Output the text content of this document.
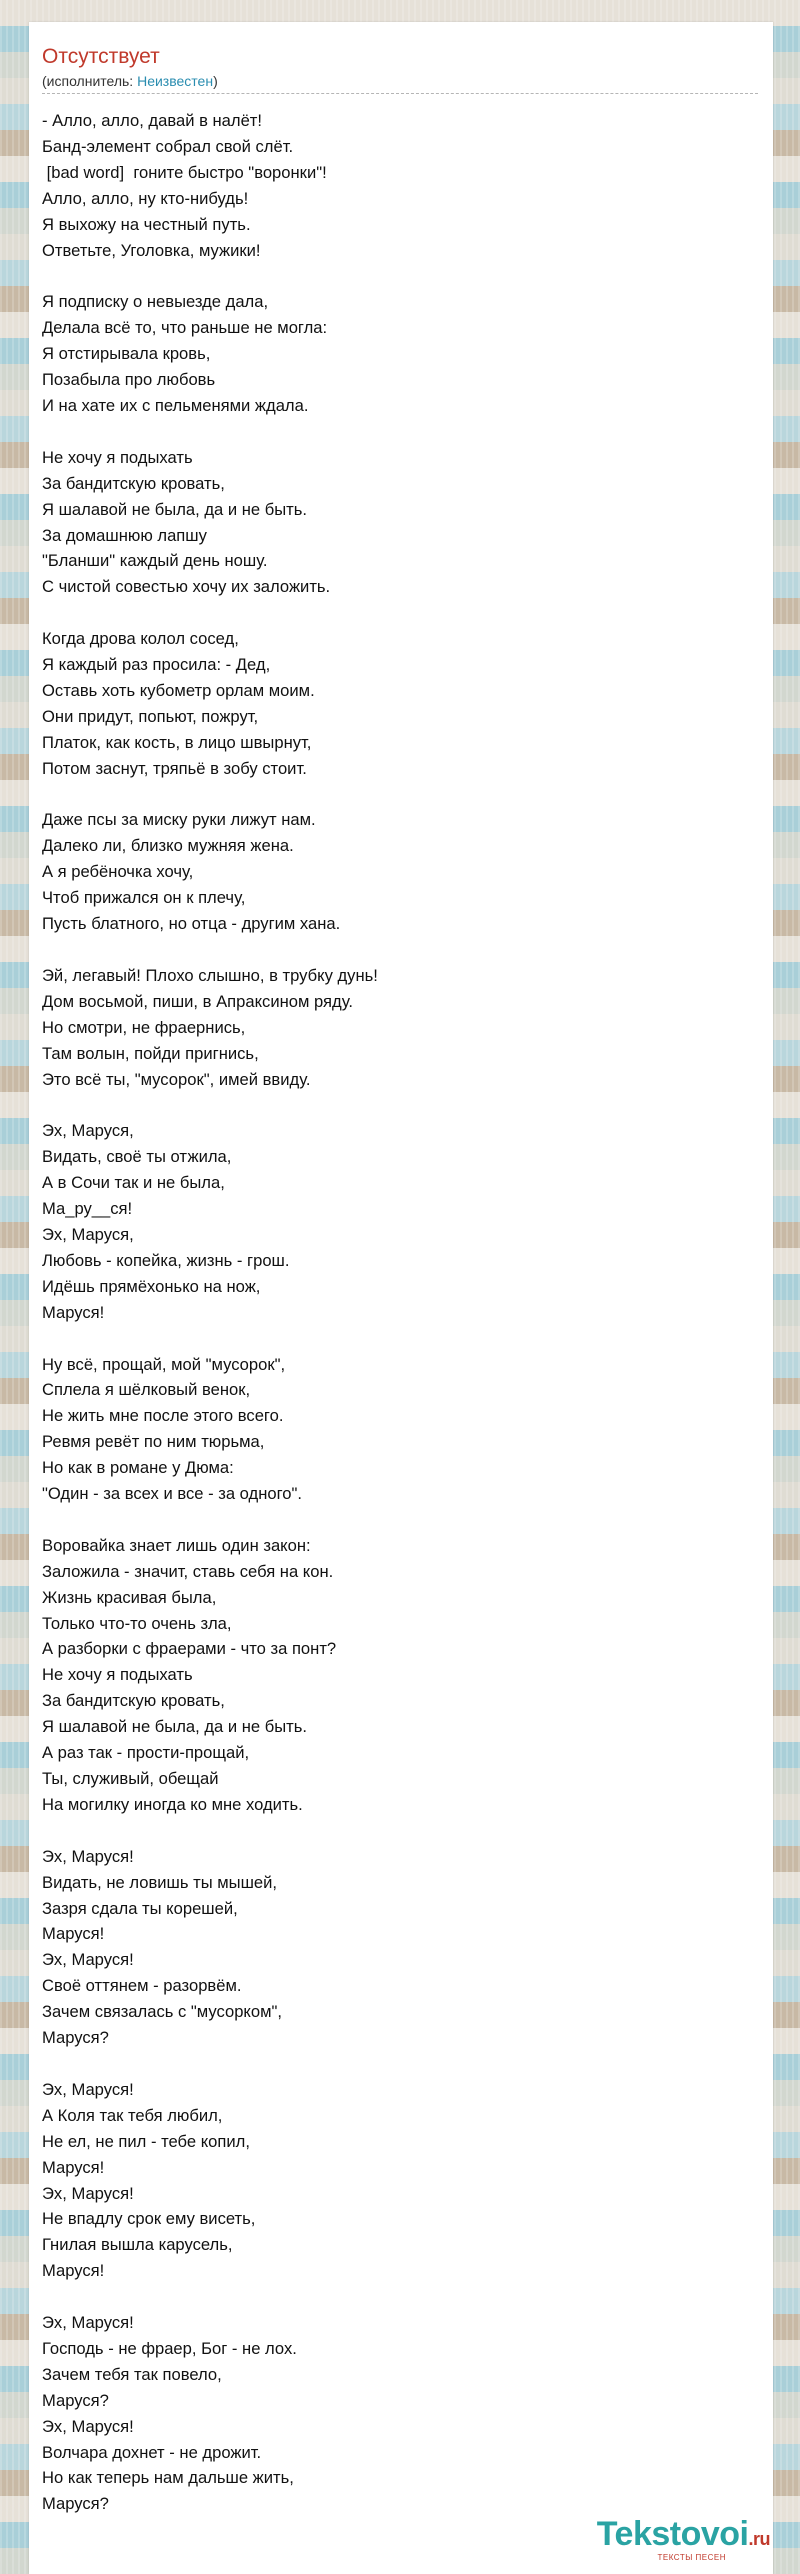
Отсутствует
(исполнитель: Неизвестен)
- Алло, алло, давай в налёт!
Банд-элемент собрал свой слёт.
[bad word]  гоните быстро "воронки"!
Алло, алло, ну кто-нибудь!
Я выхожу на честный путь.
Ответьте, Уголовка, мужики!

Я подписку о невыезде дала,
Делала всё то, что раньше не могла:
Я отстирывала кровь,
Позабыла про любовь
И на хате их с пельменями ждала.

Не хочу я подыхать
За бандитскую кровать,
Я шалавой не была, да и не быть.
За домашнюю лапшу
"Бланши" каждый день ношу.
С чистой совестью хочу их заложить.

Когда дрова колол сосед,
Я каждый раз просила: - Дед,
Оставь хоть кубометр орлам моим.
Они придут, попьют, пожрут,
Платок, как кость, в лицо швырнут,
Потом заснут, тряпьё в зобу стоит.

Даже псы за миску руки лижут нам.
Далеко ли, близко мужняя жена.
А я ребёночка хочу,
Чтоб прижался он к плечу,
Пусть блатного, но отца - другим хана.

Эй, легавый! Плохо слышно, в трубку дунь!
Дом восьмой, пиши, в Апраксином ряду.
Но смотри, не фраернись,
Там волын, пойди пригнись,
Это всё ты, "мусорок", имей ввиду.

Эх, Маруся,
Видать, своё ты отжила,
А в Сочи так и не была,
Ма_ру__ся!
Эх, Маруся,
Любовь - копейка, жизнь - грош.
Идёшь прямёхонько на нож,
Маруся!

Ну всё, прощай, мой "мусорок",
Сплела я шёлковый венок,
Не жить мне после этого всего.
Ревмя ревёт по ним тюрьма,
Но как в романе у Дюма:
"Один - за всех и все - за одного".

Воровайка знает лишь один закон:
Заложила - значит, ставь себя на кон.
Жизнь красивая была,
Только что-то очень зла,
А разборки с фраерами - что за понт?
Не хочу я подыхать
За бандитскую кровать,
Я шалавой не была, да и не быть.
А раз так - прости-прощай,
Ты, служивый, обещай
На могилку иногда ко мне ходить.

Эх, Маруся!
Видать, не ловишь ты мышей,
Зазря сдала ты корешей,
Маруся!
Эх, Маруся!
Своё оттянем - разорвём.
Зачем связалась с "мусорком",
Маруся?

Эх, Маруся!
А Коля так тебя любил,
Не ел, не пил - тебе копил,
Маруся!
Эх, Маруся!
Не впадлу срок ему висеть,
Гнилая вышла карусель,
Маруся!

Эх, Маруся!
Господь - не фраер, Бог - не лох.
Зачем тебя так повело,
Маруся?
Эх, Маруся!
Волчара дохнет - не дрожит.
Но как теперь нам дальше жить,
Маруся?
Tekstovoi.ru
ТЕКСТЫ ПЕСЕН
